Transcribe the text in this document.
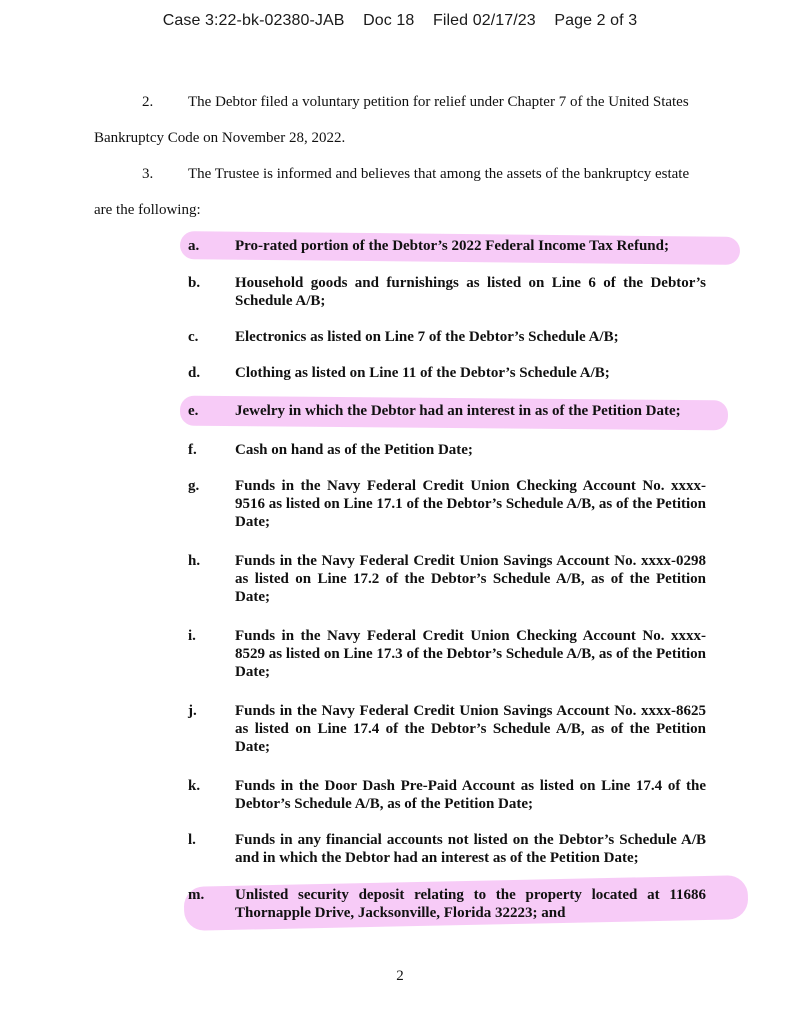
Case 3:22-bk-02380-JAB Doc 18 Filed 02/17/23 Page 2 of 3
2. The Debtor filed a voluntary petition for relief under Chapter 7 of the United States
Bankruptcy Code on November 28, 2022.
3. The Trustee is informed and believes that among the assets of the bankruptcy estate
are the following:
a.	Pro-rated portion of the Debtor’s 2022 Federal Income Tax Refund;
b.	Household goods and furnishings as listed on Line 6 of the Debtor’s Schedule A/B;
c.	Electronics as listed on Line 7 of the Debtor’s Schedule A/B;
d.	Clothing as listed on Line 11 of the Debtor’s Schedule A/B;
e.	Jewelry in which the Debtor had an interest in as of the Petition Date;
f.	Cash on hand as of the Petition Date;
g.	Funds in the Navy Federal Credit Union Checking Account No. xxxx-9516 as listed on Line 17.1 of the Debtor’s Schedule A/B, as of the Petition Date;
h.	Funds in the Navy Federal Credit Union Savings Account No. xxxx-0298 as listed on Line 17.2 of the Debtor’s Schedule A/B, as of the Petition Date;
i.	Funds in the Navy Federal Credit Union Checking Account No. xxxx-8529 as listed on Line 17.3 of the Debtor’s Schedule A/B, as of the Petition Date;
j.	Funds in the Navy Federal Credit Union Savings Account No. xxxx-8625 as listed on Line 17.4 of the Debtor’s Schedule A/B, as of the Petition Date;
k.	Funds in the Door Dash Pre-Paid Account as listed on Line 17.4 of the Debtor’s Schedule A/B, as of the Petition Date;
l.	Funds in any financial accounts not listed on the Debtor’s Schedule A/B and in which the Debtor had an interest as of the Petition Date;
m.	Unlisted security deposit relating to the property located at 11686 Thornapple Drive, Jacksonville, Florida 32223; and
2
